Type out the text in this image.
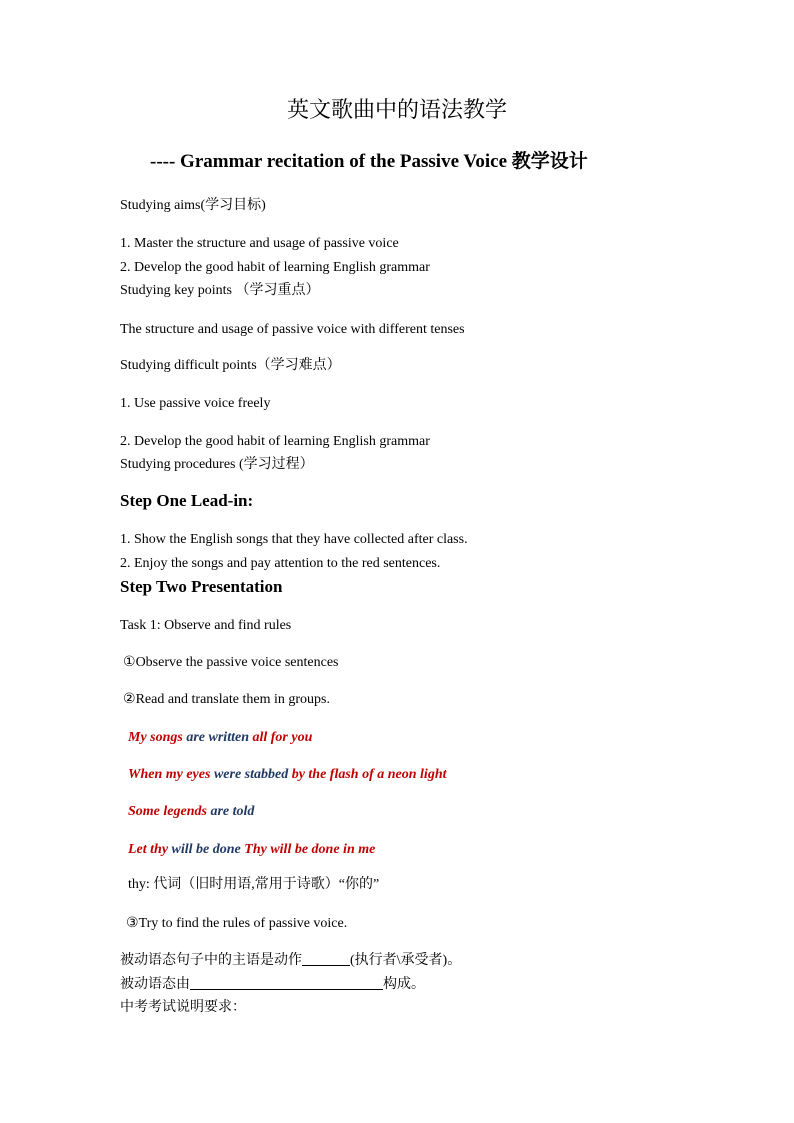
英文歌曲中的语法教学
---- Grammar recitation of the Passive Voice 教学设计
Studying aims(学习目标)
1. Master the structure and usage of passive voice
2. Develop the good habit of learning English grammar
Studying key points （学习重点）
The structure and usage of passive voice with different tenses
Studying difficult points（学习难点）
1. Use passive voice freely
2. Develop the good habit of learning English grammar
Studying procedures (学习过程）
Step One Lead-in:
1. Show the English songs that they have collected after class.
2. Enjoy the songs and pay attention to the red sentences.
Step Two Presentation
Task 1: Observe and find rules
①Observe the passive voice sentences
②Read and translate them in groups.
My songs are written all for you
When my eyes were stabbed by the flash of a neon light
Some legends are told
Let thy will be done Thy will be done in me
thy: 代词（旧时用语,常用于诗歌）“你的”
③Try to find the rules of passive voice.
被动语态句子中的主语是动作	(执行者\承受者)。
被动语态由	构成。
中考考试说明要求：
